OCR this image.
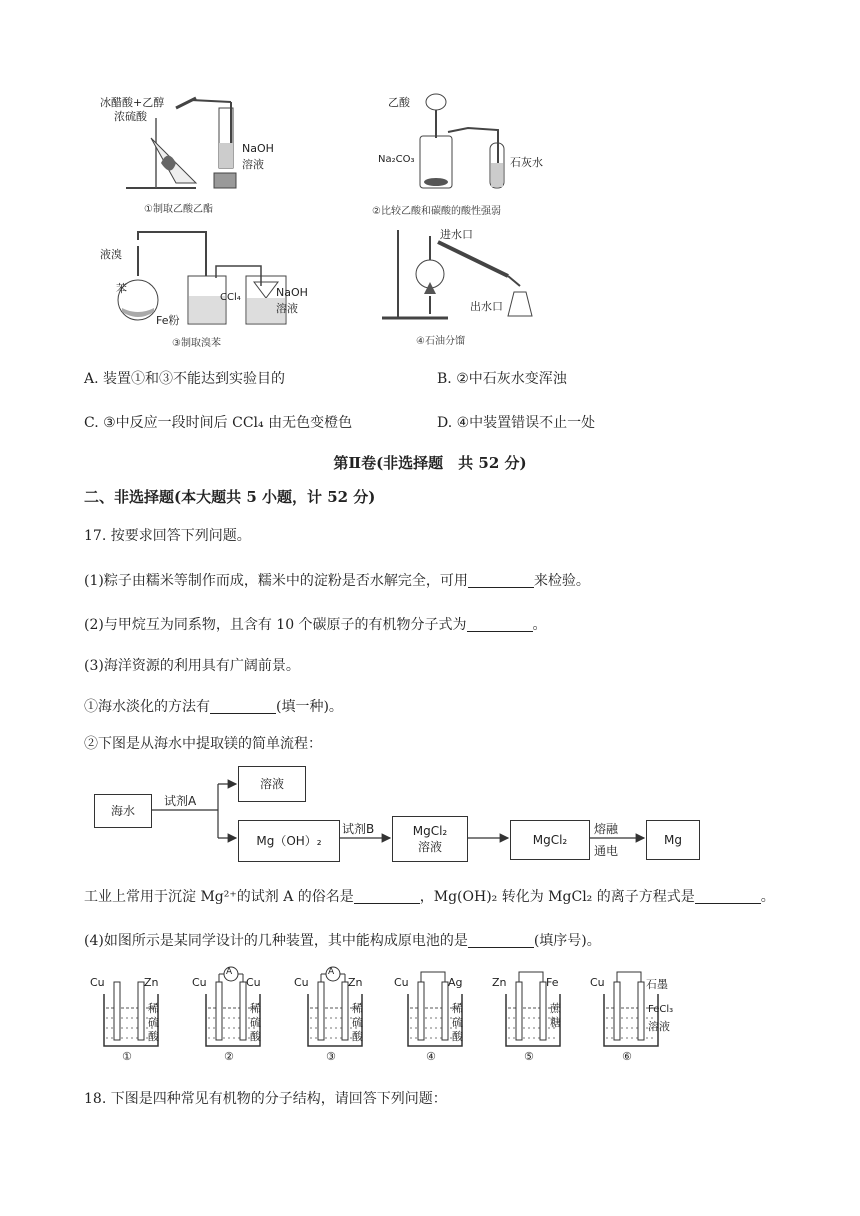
冰醋酸+乙醇
浓硫酸
NaOH
溶液
①制取乙酸乙酯
乙酸
Na₂CO₃	石灰水
②比较乙酸和碳酸的酸性强弱
液溴
苯
Fe粉
CCl₄	NaOH
溶液
③制取溴苯
进水口
出水口
④石油分馏
A. 装置①和③不能达到实验目的	B. ②中石灰水变浑浊
C. ③中反应一段时间后 CCl₄ 由无色变橙色	D. ④中装置错误不止一处
第Ⅱ卷(非选择题　共 52 分)
二、非选择题(本大题共 5 小题，计 52 分)
17. 按要求回答下列问题。
(1)粽子由糯米等制作而成，糯米中的淀粉是否水解完全，可用	来检验。
(2)与甲烷互为同系物，且含有 10 个碳原子的有机物分子式为	。
(3)海洋资源的利用具有广阔前景。
①海水淡化的方法有	(填一种)。
②下图是从海水中提取镁的简单流程：
海水
试剂A
溶液
Mg（OH）₂
试剂B	MgCl₂
溶液	MgCl₂
熔融
通电
Mg
工业上常用于沉淀 Mg²⁺的试剂 A 的俗名是	，Mg(OH)₂ 转化为 MgCl₂ 的离子方程式是	。
(4)如图所示是某同学设计的几种装置，其中能构成原电池的是	(填序号)。
Cu	Zn
稀
硫
酸
①
A
Cu	Cu
稀
硫
酸
②
A
Cu	Zn
稀
硫
酸
③
Cu	Ag
稀
硫
酸
④
Zn	Fe
蔗
糖
⑤
Cu	石墨
FeCl₃
溶液
⑥
18. 下图是四种常见有机物的分子结构，请回答下列问题：
